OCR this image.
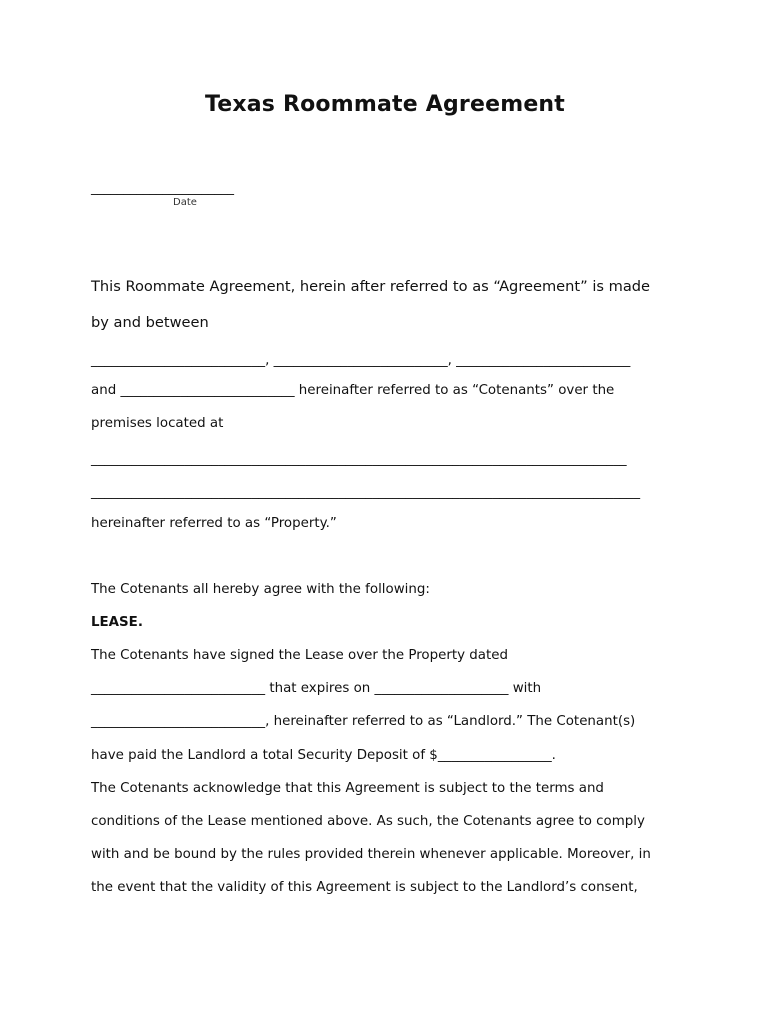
Texas Roommate Agreement
______________________
Date
This Roommate Agreement, herein after referred to as “Agreement” is made
by and between
__________________________, __________________________, __________________________
and __________________________ hereinafter referred to as “Cotenants” over the
premises located at
________________________________________________________________________________
__________________________________________________________________________________
hereinafter referred to as “Property.”
The Cotenants all hereby agree with the following:
LEASE.
The Cotenants have signed the Lease over the Property dated
__________________________ that expires on ____________________ with
__________________________, hereinafter referred to as “Landlord.” The Cotenant(s)
have paid the Landlord a total Security Deposit of $_________________.
The Cotenants acknowledge that this Agreement is subject to the terms and
conditions of the Lease mentioned above. As such, the Cotenants agree to comply
with and be bound by the rules provided therein whenever applicable. Moreover, in
the event that the validity of this Agreement is subject to the Landlord’s consent,
